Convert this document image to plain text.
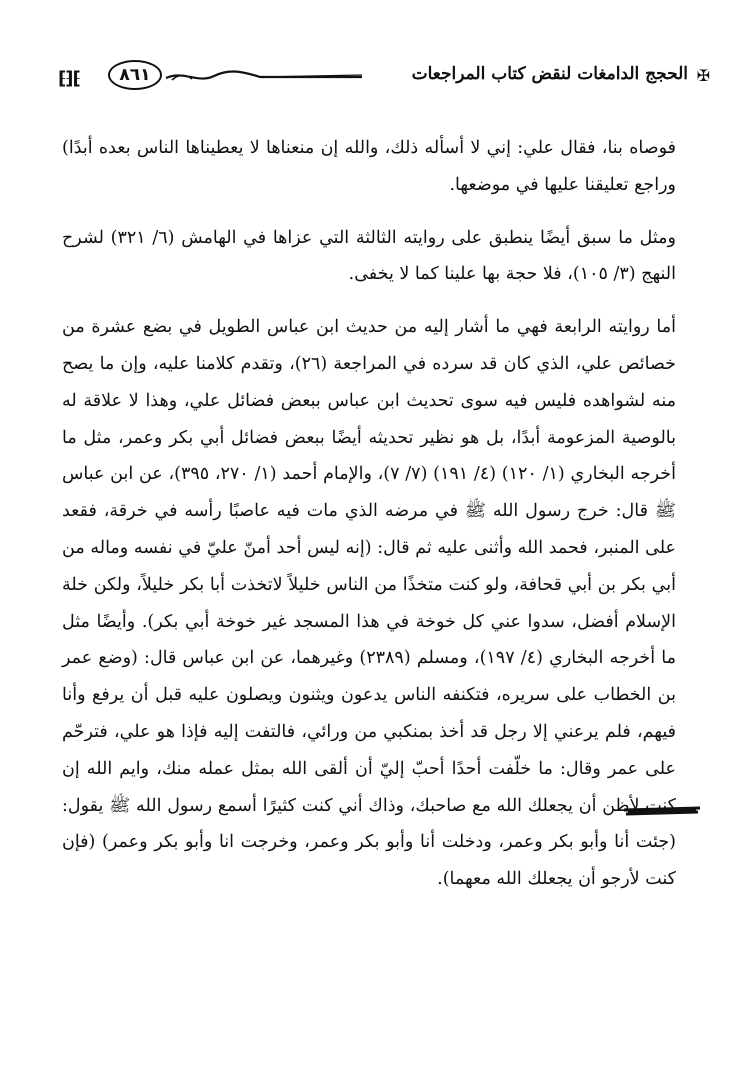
⁅⁆⁅	٨٦١	الحجج الدامغات لنقض كتاب المراجعات ✠

فوصاه بنا، فقال علي: إني لا أسأله ذلك، والله إن منعناها لا يعطيناها الناس بعده أبدًا) وراجع تعليقنا عليها في موضعها.

ومثل ما سبق أيضًا ينطبق على روايته الثالثة التي عزاها في الهامش (٦/ ٣٢١) لشرح النهج (٣/ ١٠٥)، فلا حجة بها علينا كما لا يخفى.

أما روايته الرابعة فهي ما أشار إليه من حديث ابن عباس الطويل في بضع عشرة من خصائص علي، الذي كان قد سرده في المراجعة (٢٦)، وتقدم كلامنا عليه، وإن ما يصح منه لشواهده فليس فيه سوى تحديث ابن عباس ببعض فضائل علي، وهذا لا علاقة له بالوصية المزعومة أبدًا، بل هو نظير تحديثه أيضًا ببعض فضائل أبي بكر وعمر، مثل ما أخرجه البخاري (١/ ١٢٠) (٤/ ١٩١) (٧/ ٧)، والإمام أحمد (١/ ٢٧٠، ٣٩٥)، عن ابن عباس ﷺ قال: خرج رسول الله ﷺ في مرضه الذي مات فيه عاصبًا رأسه في خرقة، فقعد على المنبر، فحمد الله وأثنى عليه ثم قال: (إنه ليس أحد أمنّ عليّ في نفسه وماله من أبي بكر بن أبي قحافة، ولو كنت متخذًا من الناس خليلاً لاتخذت أبا بكر خليلاً، ولكن خلة الإسلام أفضل، سدوا عني كل خوخة في هذا المسجد غير خوخة أبي بكر). وأيضًا مثل ما أخرجه البخاري (٤/ ١٩٧)، ومسلم (٢٣٨٩) وغيرهما، عن ابن عباس قال: (وضع عمر بن الخطاب على سريره، فتكنفه الناس يدعون ويثنون ويصلون عليه قبل أن يرفع وأنا فيهم، فلم يرعني إلا رجل قد أخذ بمنكبي من ورائي، فالتفت إليه فإذا هو علي، فترحّم على عمر وقال: ما خلّفت أحدًا أحبّ إليّ أن ألقى الله بمثل عمله منك، وايم الله إن كنت لأظن أن يجعلك الله مع صاحبك، وذاك أني كنت كثيرًا أسمع رسول الله ﷺ يقول: (جئت أنا وأبو بكر وعمر، ودخلت أنا وأبو بكر وعمر، وخرجت انا وأبو بكر وعمر) (فإن كنت لأرجو أن يجعلك الله معهما).
